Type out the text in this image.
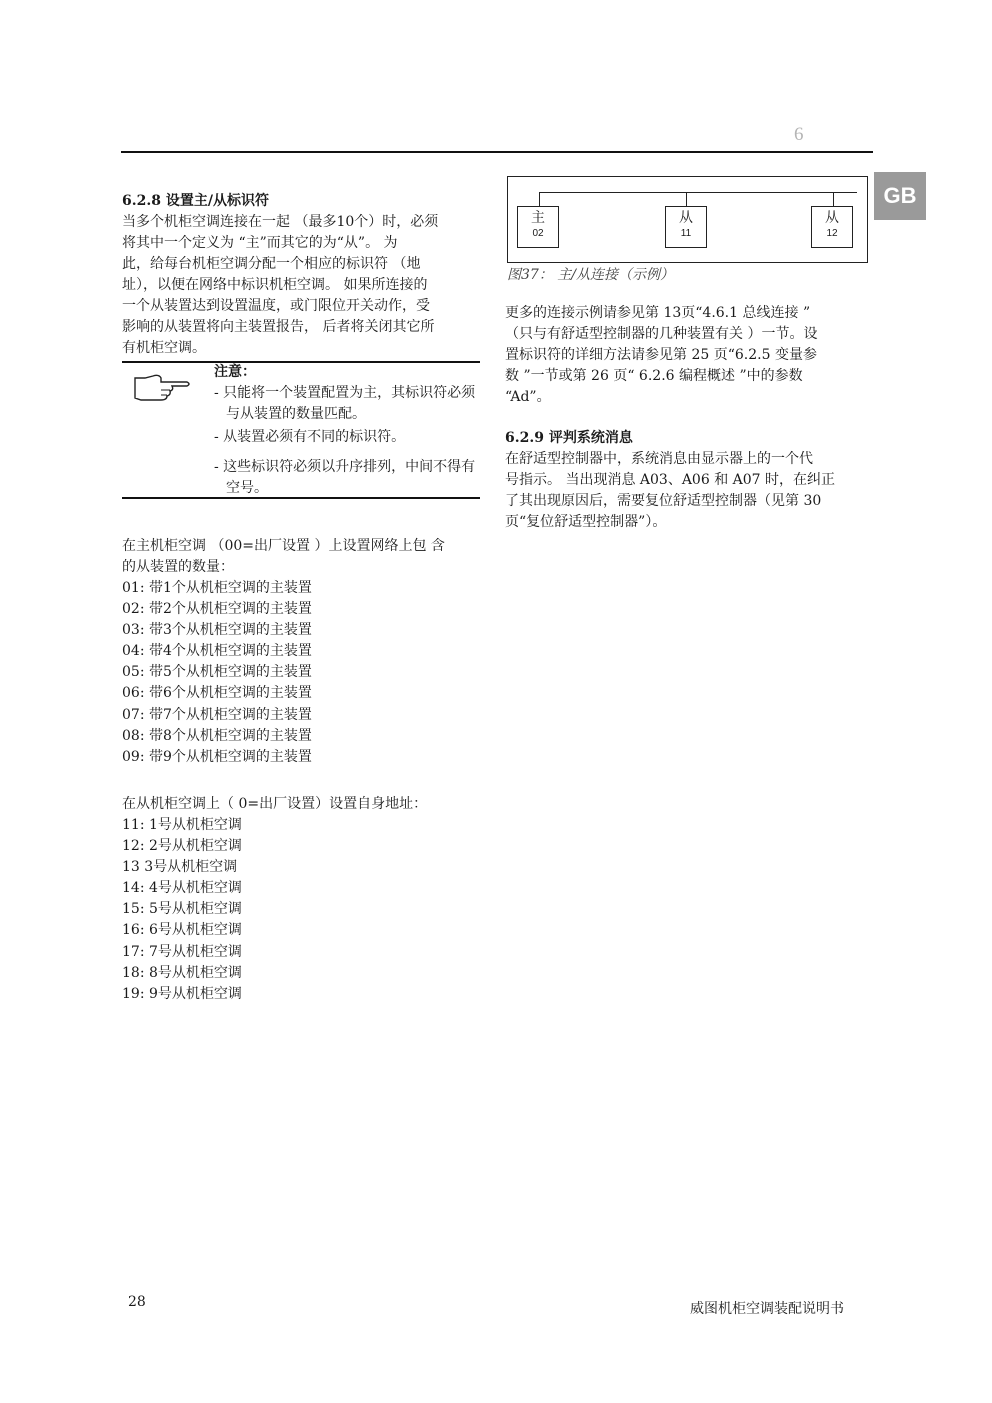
6
GB
6.2.8 设置主/从标识符
当多个机柜空调连接在一起 （最多10个）时，必须
将其中一个定义为 “主”而其它的为“从”。 为
此，给每台机柜空调分配一个相应的标识符 （地
址），以便在网络中标识机柜空调。 如果所连接的
一个从装置达到设置温度，或门限位开关动作，受
影响的从装置将向主装置报告， 后者将关闭其它所
有机柜空调。
注意：
- 只能将一个装置配置为主，其标识符必须与从装置的数量匹配。
- 从装置必须有不同的标识符。
- 这些标识符必须以升序排列，中间不得有空号。
在主机柜空调 （00=出厂设置 ）上设置网络上包 含
的从装置的数量：
01: 带1个从机柜空调的主装置
02: 带2个从机柜空调的主装置
03: 带3个从机柜空调的主装置
04: 带4个从机柜空调的主装置
05: 带5个从机柜空调的主装置
06: 带6个从机柜空调的主装置
07: 带7个从机柜空调的主装置
08: 带8个从机柜空调的主装置
09: 带9个从机柜空调的主装置
在从机柜空调上（ 0=出厂设置）设置自身地址：
11: 1号从机柜空调
12: 2号从机柜空调
13 3号从机柜空调
14: 4号从机柜空调
15: 5号从机柜空调
16: 6号从机柜空调
17: 7号从机柜空调
18: 8号从机柜空调
19: 9号从机柜空调
主
02
从
11
从
12
图37： 主/从连接（示例）
更多的连接示例请参见第 13页“4.6.1 总线连接 ”
（只与有舒适型控制器的几种装置有关 ）一节。设
置标识符的详细方法请参见第 25 页“6.2.5 变量参
数 ”一节或第 26 页“ 6.2.6 编程概述 ”中的参数
“Ad”。
6.2.9 评判系统消息
在舒适型控制器中，系统消息由显示器上的一个代
号指示。 当出现消息 A03、A06 和 A07 时，在纠正
了其出现原因后，需要复位舒适型控制器（见第 30
页“复位舒适型控制器”）。
28	威图机柜空调装配说明书
